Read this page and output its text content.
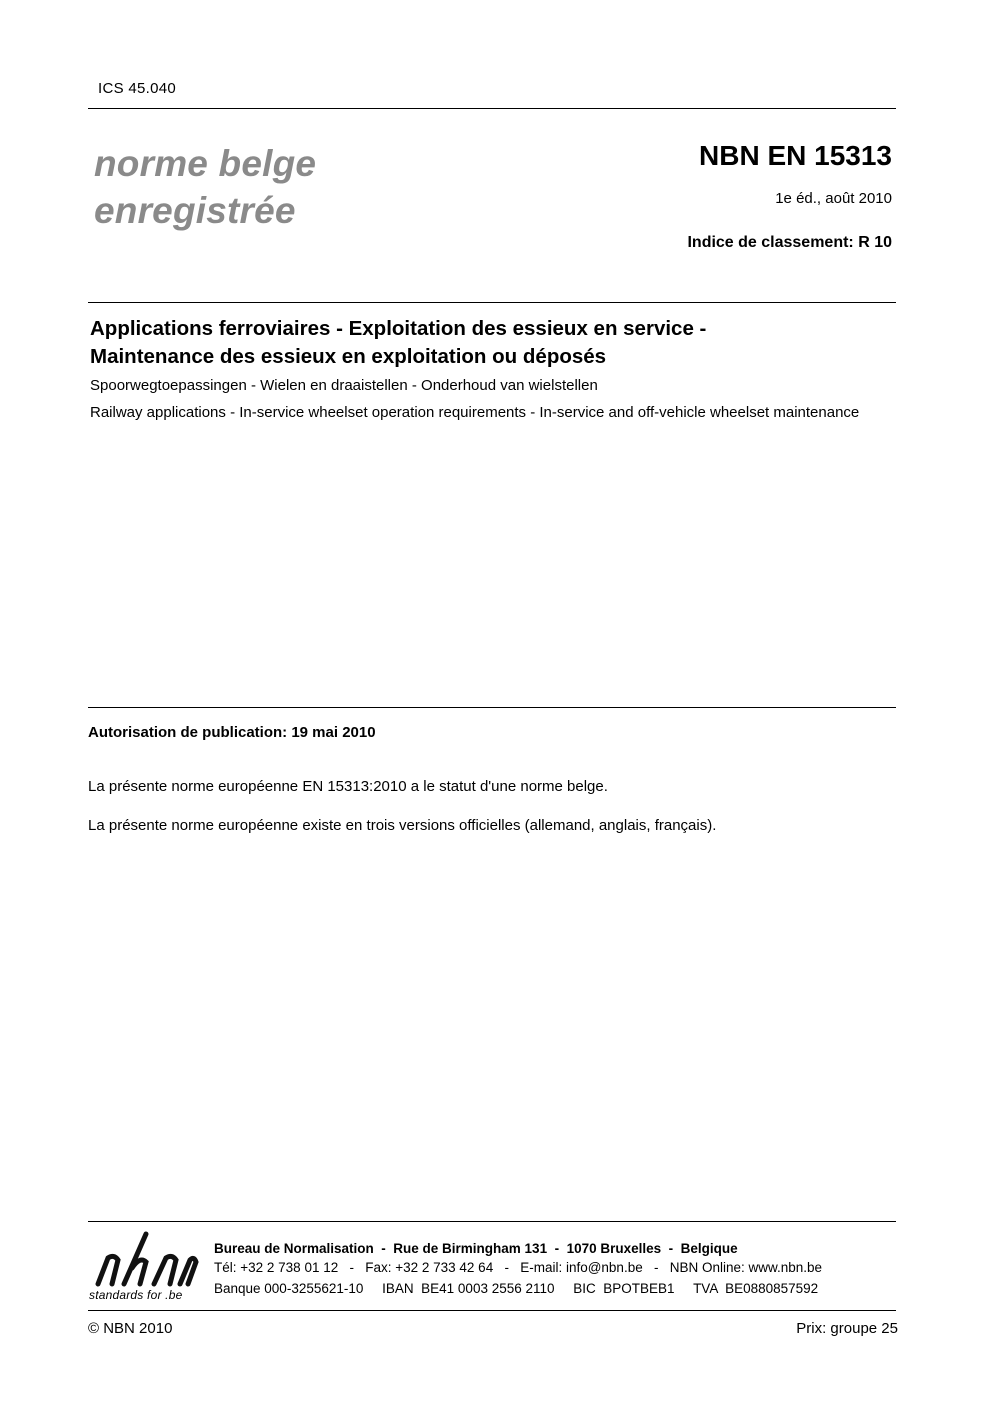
ICS 45.040
norme belge
enregistrée
NBN EN 15313
1e éd., août 2010
Indice de classement: R 10
Applications ferroviaires - Exploitation des essieux en service -
Maintenance des essieux en exploitation ou déposés
Spoorwegtoepassingen - Wielen en draaistellen - Onderhoud van wielstellen
Railway applications - In-service wheelset operation requirements - In-service and off-vehicle wheelset maintenance
Autorisation de publication: 19 mai 2010
La présente norme européenne EN 15313:2010 a le statut d'une norme belge.
La présente norme européenne existe en trois versions officielles (allemand, anglais, français).
standards for .be
Bureau de Normalisation  -  Rue de Birmingham 131  -  1070 Bruxelles  -  Belgique
Tél: +32 2 738 01 12   -   Fax: +32 2 733 42 64   -   E-mail: info@nbn.be   -   NBN Online: www.nbn.be
Banque 000-3255621-10     IBAN  BE41 0003 2556 2110     BIC  BPOTBEB1     TVA  BE0880857592
© NBN 2010	Prix: groupe 25
